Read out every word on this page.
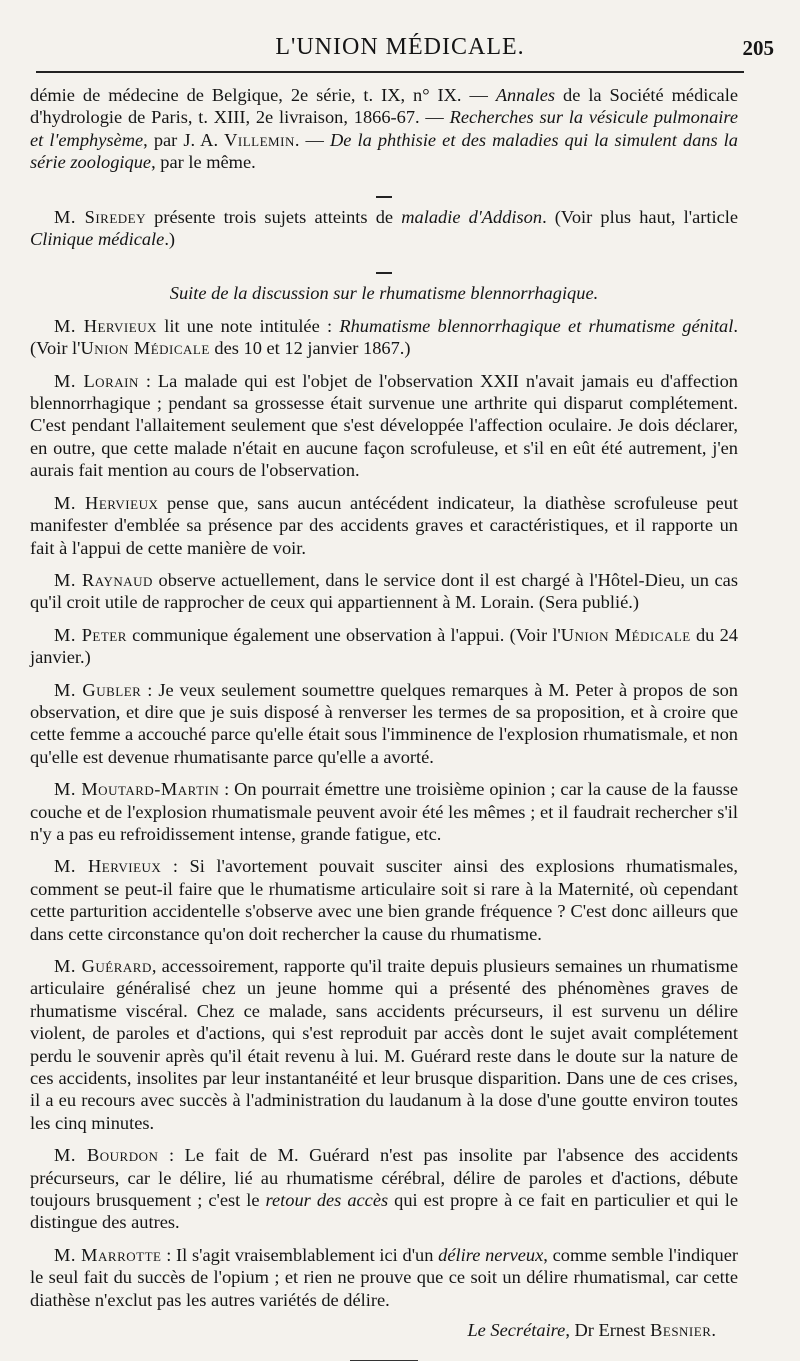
L'UNION MÉDICALE.	205

démie de médecine de Belgique, 2e série, t. IX, n° IX. — Annales de la Société médicale d'hydrologie de Paris, t. XIII, 2e livraison, 1866-67. — Recherches sur la vésicule pulmonaire et l'emphysème, par J. A. Villemin. — De la phthisie et des maladies qui la simulent dans la série zoologique, par le même.

M. Siredey présente trois sujets atteints de maladie d'Addison. (Voir plus haut, l'article Clinique médicale.)

Suite de la discussion sur le rhumatisme blennorrhagique.

M. Hervieux lit une note intitulée : Rhumatisme blennorrhagique et rhumatisme génital. (Voir l'Union Médicale des 10 et 12 janvier 1867.)

M. Lorain : La malade qui est l'objet de l'observation XXII n'avait jamais eu d'affection blennorrhagique ; pendant sa grossesse était survenue une arthrite qui disparut complétement. C'est pendant l'allaitement seulement que s'est développée l'affection oculaire. Je dois déclarer, en outre, que cette malade n'était en aucune façon scrofuleuse, et s'il en eût été autrement, j'en aurais fait mention au cours de l'observation.

M. Hervieux pense que, sans aucun antécédent indicateur, la diathèse scrofuleuse peut manifester d'emblée sa présence par des accidents graves et caractéristiques, et il rapporte un fait à l'appui de cette manière de voir.

M. Raynaud observe actuellement, dans le service dont il est chargé à l'Hôtel-Dieu, un cas qu'il croit utile de rapprocher de ceux qui appartiennent à M. Lorain. (Sera publié.)

M. Peter communique également une observation à l'appui. (Voir l'Union Médicale du 24 janvier.)

M. Gubler : Je veux seulement soumettre quelques remarques à M. Peter à propos de son observation, et dire que je suis disposé à renverser les termes de sa proposition, et à croire que cette femme a accouché parce qu'elle était sous l'imminence de l'explosion rhumatismale, et non qu'elle est devenue rhumatisante parce qu'elle a avorté.

M. Moutard-Martin : On pourrait émettre une troisième opinion ; car la cause de la fausse couche et de l'explosion rhumatismale peuvent avoir été les mêmes ; et il faudrait rechercher s'il n'y a pas eu refroidissement intense, grande fatigue, etc.

M. Hervieux : Si l'avortement pouvait susciter ainsi des explosions rhumatismales, comment se peut-il faire que le rhumatisme articulaire soit si rare à la Maternité, où cependant cette parturition accidentelle s'observe avec une bien grande fréquence ? C'est donc ailleurs que dans cette circonstance qu'on doit rechercher la cause du rhumatisme.

M. Guérard, accessoirement, rapporte qu'il traite depuis plusieurs semaines un rhumatisme articulaire généralisé chez un jeune homme qui a présenté des phénomènes graves de rhumatisme viscéral. Chez ce malade, sans accidents précurseurs, il est survenu un délire violent, de paroles et d'actions, qui s'est reproduit par accès dont le sujet avait complétement perdu le souvenir après qu'il était revenu à lui. M. Guérard reste dans le doute sur la nature de ces accidents, insolites par leur instantanéité et leur brusque disparition. Dans une de ces crises, il a eu recours avec succès à l'administration du laudanum à la dose d'une goutte environ toutes les cinq minutes.

M. Bourdon : Le fait de M. Guérard n'est pas insolite par l'absence des accidents précurseurs, car le délire, lié au rhumatisme cérébral, délire de paroles et d'actions, débute toujours brusquement ; c'est le retour des accès qui est propre à ce fait en particulier et qui le distingue des autres.

M. Marrotte : Il s'agit vraisemblablement ici d'un délire nerveux, comme semble l'indiquer le seul fait du succès de l'opium ; et rien ne prouve que ce soit un délire rhumatismal, car cette diathèse n'exclut pas les autres variétés de délire.

Le Secrétaire, Dr Ernest Besnier.
